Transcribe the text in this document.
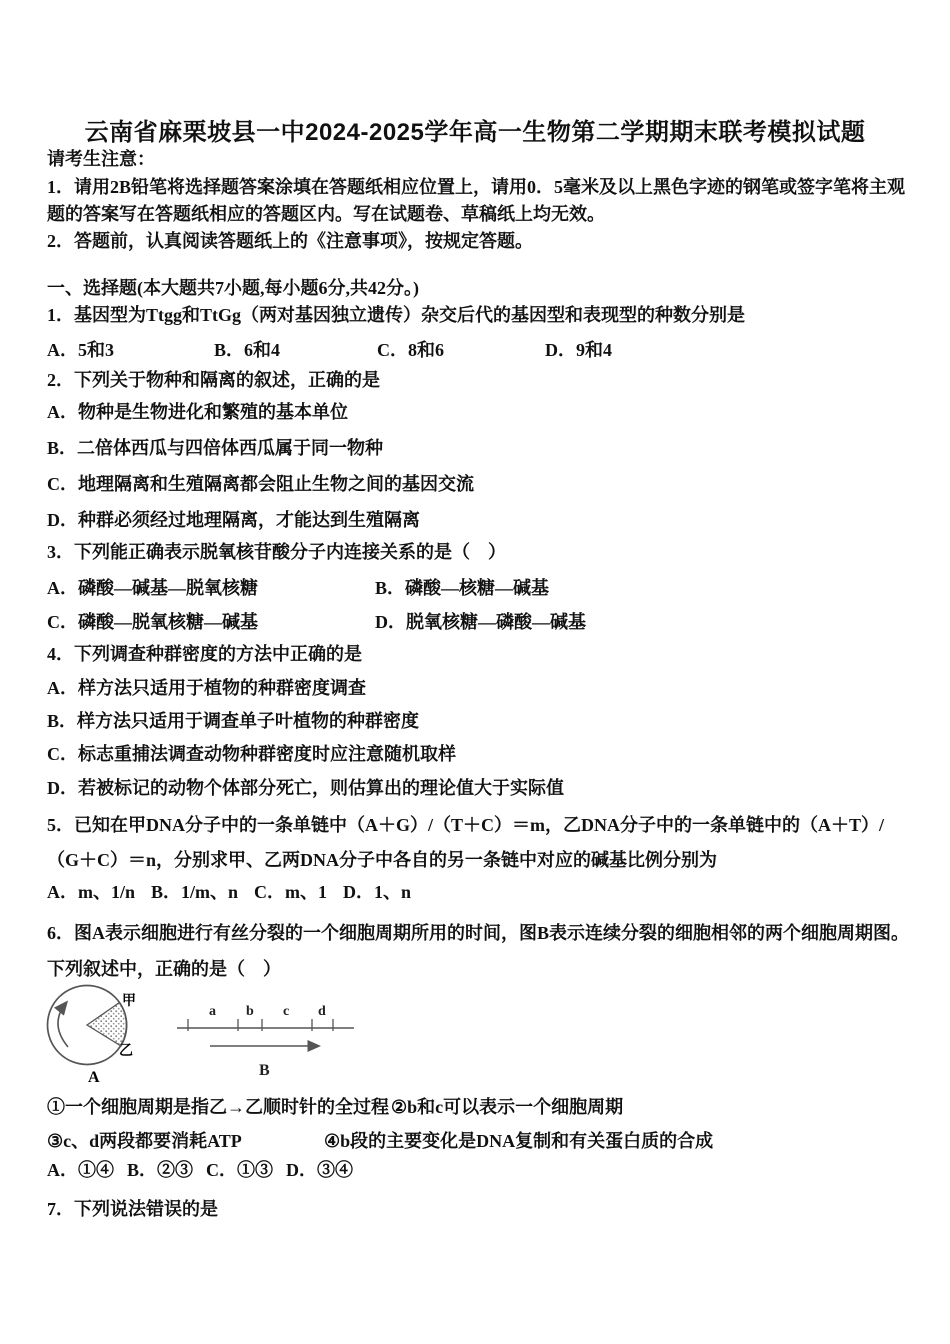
云南省麻栗坡县一中2024-2025学年高一生物第二学期期末联考模拟试题
请考生注意：
1．请用2B铅笔将选择题答案涂填在答题纸相应位置上，请用0．5毫米及以上黑色字迹的钢笔或签字笔将主观题的答案写在答题纸相应的答题区内。写在试题卷、草稿纸上均无效。
2．答题前，认真阅读答题纸上的《注意事项》，按规定答题。
一、选择题(本大题共7小题,每小题6分,共42分。)
1．基因型为Ttgg和TtGg（两对基因独立遗传）杂交后代的基因型和表现型的种数分别是
A．5和3	B．6和4	C．8和6	D．9和4
2．下列关于物种和隔离的叙述，正确的是
A．物种是生物进化和繁殖的基本单位
B．二倍体西瓜与四倍体西瓜属于同一物种
C．地理隔离和生殖隔离都会阻止生物之间的基因交流
D．种群必须经过地理隔离，才能达到生殖隔离
3．下列能正确表示脱氧核苷酸分子内连接关系的是（　）
A．磷酸—碱基—脱氧核糖	B．磷酸—核糖—碱基
C．磷酸—脱氧核糖—碱基	D．脱氧核糖—磷酸—碱基
4．下列调查种群密度的方法中正确的是
A．样方法只适用于植物的种群密度调查
B．样方法只适用于调查单子叶植物的种群密度
C．标志重捕法调查动物种群密度时应注意随机取样
D．若被标记的动物个体部分死亡，则估算出的理论值大于实际值
5．已知在甲DNA分子中的一条单链中（A＋G）/（T＋C）＝m，乙DNA分子中的一条单链中的（A＋T）/（G＋C）＝n，分别求甲、乙两DNA分子中各自的另一条链中对应的碱基比例分别为
A．m、1/n B．1/m、n C．m、1 D．1、n
6．图A表示细胞进行有丝分裂的一个细胞周期所用的时间，图B表示连续分裂的细胞相邻的两个细胞周期图。下列叙述中，正确的是（　）
甲
乙
A
a b c d
B
①一个细胞周期是指乙→乙顺时针的全过程 ②b和c可以表示一个细胞周期
③c、d两段都要消耗ATP	④b段的主要变化是DNA复制和有关蛋白质的合成
A．①④ B．②③ C．①③ D．③④
7．下列说法错误的是
